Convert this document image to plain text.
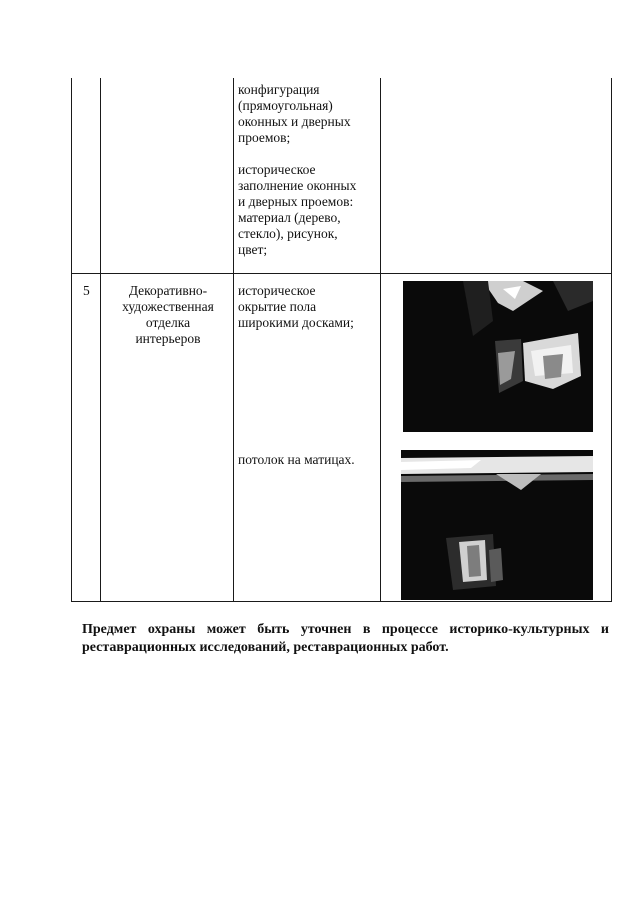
конфигурация
(прямоугольная)
оконных и дверных
проемов;

историческое
заполнение оконных
и дверных проемов:
материал (дерево,
стекло), рисунок,
цвет;

5	Декоративно-
художественная
отделка
интерьеров

историческое
окрытие пола
широкими досками;

потолок на матицах.

Предмет охраны может быть уточнен в процессе историко-культурных и реставрационных исследований, реставрационных работ.
